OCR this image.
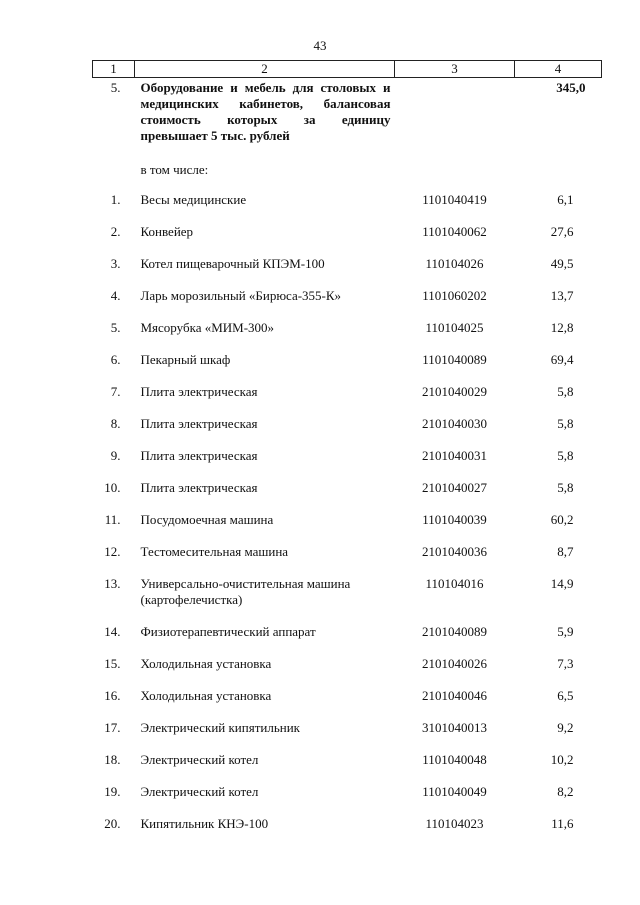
43
1	2	3	4
5.	Оборудование и мебель для столовых и медицинских кабинетов, балансовая стоимость которых за единицу превышает 5 тыс. рублей		345,0
	в том числе:		
1.	Весы медицинские	1101040419	6,1
2.	Конвейер	1101040062	27,6
3.	Котел пищеварочный КПЭМ-100	110104026	49,5
4.	Ларь морозильный «Бирюса-355-К»	1101060202	13,7
5.	Мясорубка «МИМ-300»	110104025	12,8
6.	Пекарный шкаф	1101040089	69,4
7.	Плита электрическая	2101040029	5,8
8.	Плита электрическая	2101040030	5,8
9.	Плита электрическая	2101040031	5,8
10.	Плита электрическая	2101040027	5,8
11.	Посудомоечная машина	1101040039	60,2
12.	Тестомесительная машина	2101040036	8,7
13.	Универсально-очистительная машина (картофелечистка)	110104016	14,9
14.	Физиотерапевтический аппарат	2101040089	5,9
15.	Холодильная установка	2101040026	7,3
16.	Холодильная установка	2101040046	6,5
17.	Электрический кипятильник	3101040013	9,2
18.	Электрический котел	1101040048	10,2
19.	Электрический котел	1101040049	8,2
20.	Кипятильник КНЭ-100	110104023	11,6
